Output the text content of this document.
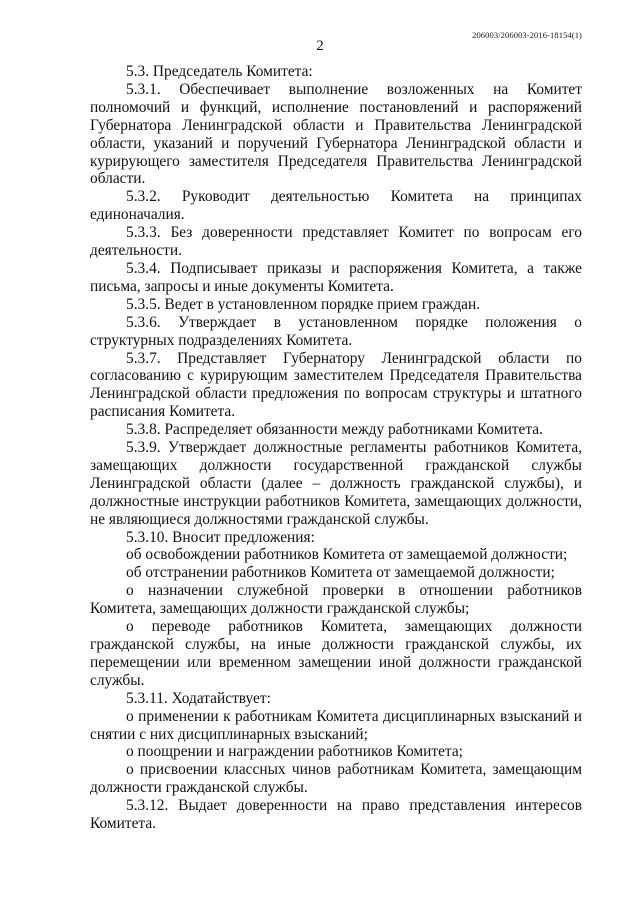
206003/206003-2016-18154(1)
2

5.3. Председатель Комитета:

5.3.1. Обеспечивает выполнение возложенных на Комитет полномочий и функций, исполнение постановлений и распоряжений Губернатора Ленинградской области и Правительства Ленинградской области, указаний и поручений Губернатора Ленинградской области и курирующего заместителя Председателя Правительства Ленинградской области.

5.3.2. Руководит деятельностью Комитета на принципах единоначалия.

5.3.3. Без доверенности представляет Комитет по вопросам его деятельности.

5.3.4. Подписывает приказы и распоряжения Комитета, а также письма, запросы и иные документы Комитета.

5.3.5. Ведет в установленном порядке прием граждан.

5.3.6. Утверждает в установленном порядке положения о структурных подразделениях Комитета.

5.3.7. Представляет Губернатору Ленинградской области по согласованию с курирующим заместителем Председателя Правительства Ленинградской области предложения по вопросам структуры и штатного расписания Комитета.

5.3.8. Распределяет обязанности между работниками Комитета.

5.3.9. Утверждает должностные регламенты работников Комитета, замещающих должности государственной гражданской службы Ленинградской области (далее – должность гражданской службы), и должностные инструкции работников Комитета, замещающих должности, не являющиеся должностями гражданской службы.

5.3.10. Вносит предложения:

об освобождении работников Комитета от замещаемой должности;

об отстранении работников Комитета от замещаемой должности;

о назначении служебной проверки в отношении работников Комитета, замещающих должности гражданской службы;

о переводе работников Комитета, замещающих должности гражданской службы, на иные должности гражданской службы, их перемещении или временном замещении иной должности гражданской службы.

5.3.11. Ходатайствует:

о применении к работникам Комитета дисциплинарных взысканий и снятии с них дисциплинарных взысканий;

о поощрении и награждении работников Комитета;

о присвоении классных чинов работникам Комитета, замещающим должности гражданской службы.

5.3.12. Выдает доверенности на право представления интересов Комитета.
